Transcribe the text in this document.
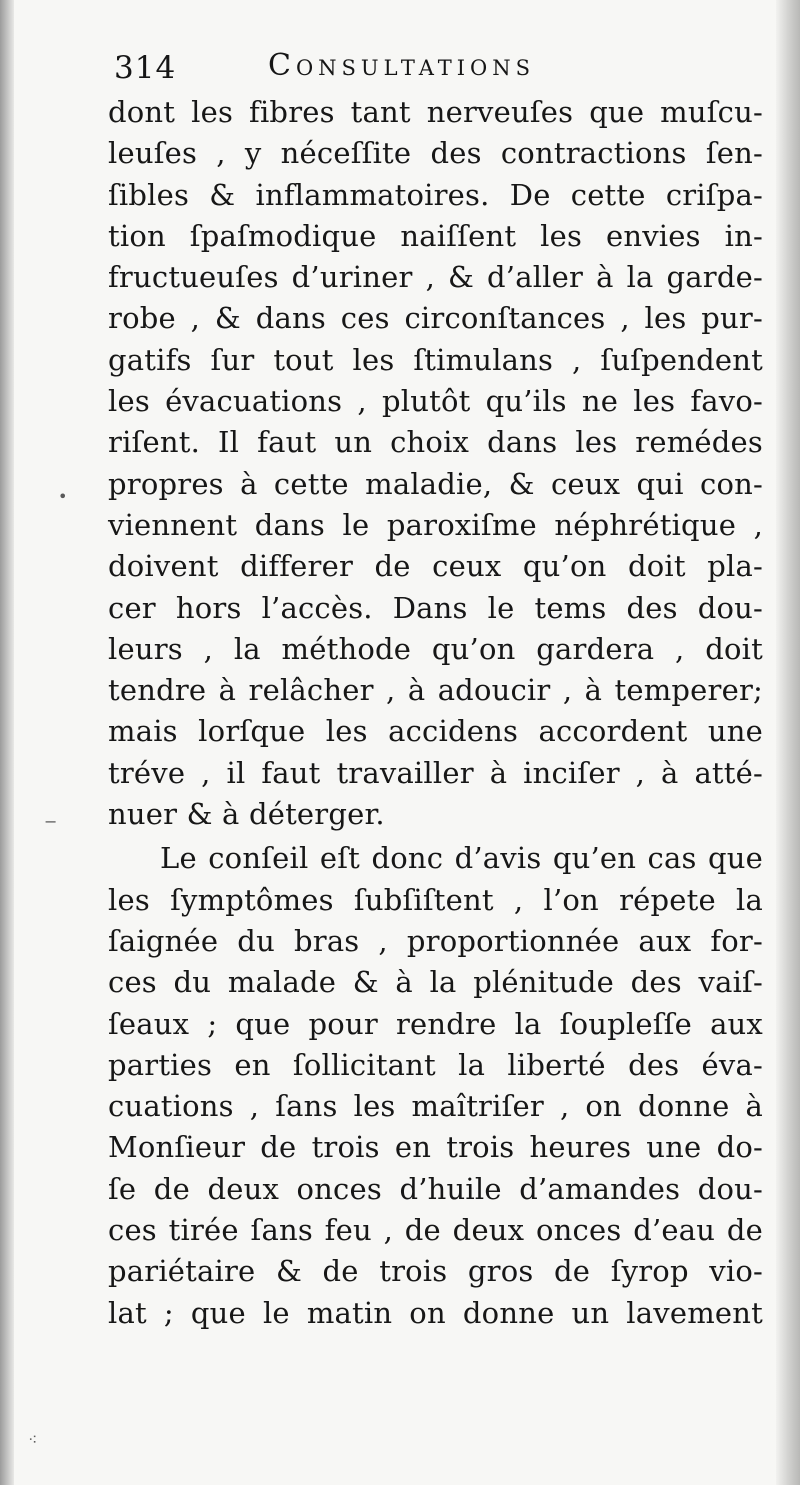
314	Consultations
dont les fibres tant nerveuſes que muſcu-
leuſes , y néceſſite des contractions ſen-
ſibles & inflammatoires. De cette criſpa-
tion ſpaſmodique naiſſent les envies in-
fructueuſes d’uriner , & d’aller à la garde-
robe , & dans ces circonſtances , les pur-
gatifs ſur tout les ſtimulans , ſuſpendent
les évacuations , plutôt qu’ils ne les favo-
riſent. Il faut un choix dans les remédes
propres à cette maladie, & ceux qui con-
viennent dans le paroxiſme néphrétique ,
doivent differer de ceux qu’on doit pla-
cer hors l’accès. Dans le tems des dou-
leurs , la méthode qu’on gardera , doit
tendre à relâcher , à adoucir , à temperer;
mais lorſque les accidens accordent une
tréve , il faut travailler à inciſer , à atté-
nuer & à déterger.
Le conſeil eſt donc d’avis qu’en cas que
les ſymptômes ſubſiſtent , l’on répete la
ſaignée du bras , proportionnée aux for-
ces du malade & à la plénitude des vaiſ-
ſeaux ; que pour rendre la ſoupleſſe aux
parties en ſollicitant la liberté des éva-
cuations , ſans les maîtriſer , on donne à
Monſieur de trois en trois heures une do-
ſe de deux onces d’huile d’amandes dou-
ces tirée ſans feu , de deux onces d’eau de
pariétaire & de trois gros de ſyrop vio-
lat ; que le matin on donne un lavement
•
−
⁖
